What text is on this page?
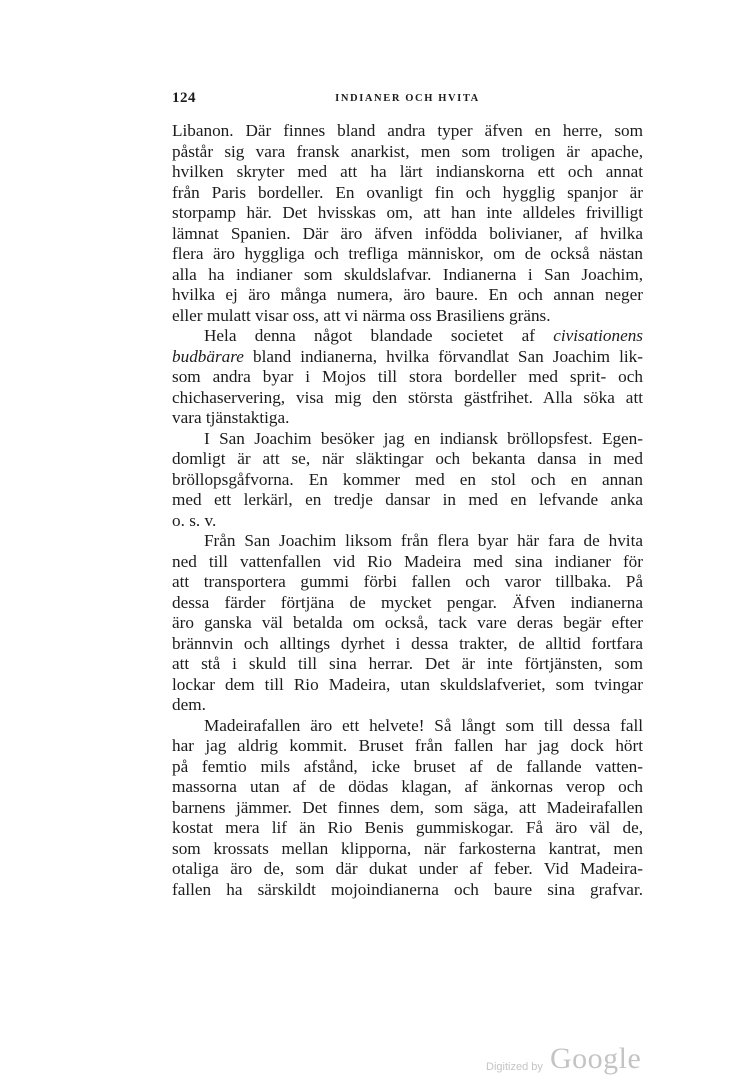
124	INDIANER OCH HVITA
Libanon. Där finnes bland andra typer äfven en herre, som
påstår sig vara fransk anarkist, men som troligen är apache,
hvilken skryter med att ha lärt indianskorna ett och annat
från Paris bordeller. En ovanligt fin och hygglig spanjor är
storpamp här. Det hvisskas om, att han inte alldeles frivilligt
lämnat Spanien. Där äro äfven infödda bolivianer, af hvilka
flera äro hyggliga och trefliga människor, om de också nästan
alla ha indianer som skuldslafvar. Indianerna i San Joachim,
hvilka ej äro många numera, äro baure. En och annan neger
eller mulatt visar oss, att vi närma oss Brasiliens gräns.
Hela denna något blandade societet af civisationens
budbärare bland indianerna, hvilka förvandlat San Joachim lik-
som andra byar i Mojos till stora bordeller med sprit- och
chichaservering, visa mig den största gästfrihet. Alla söka att
vara tjänstaktiga.
I San Joachim besöker jag en indiansk bröllopsfest. Egen-
domligt är att se, när släktingar och bekanta dansa in med
bröllopsgåfvorna. En kommer med en stol och en annan
med ett lerkärl, en tredje dansar in med en lefvande anka
o. s. v.
Från San Joachim liksom från flera byar här fara de hvita
ned till vattenfallen vid Rio Madeira med sina indianer för
att transportera gummi förbi fallen och varor tillbaka. På
dessa färder förtjäna de mycket pengar. Äfven indianerna
äro ganska väl betalda om också, tack vare deras begär efter
brännvin och alltings dyrhet i dessa trakter, de alltid fortfara
att stå i skuld till sina herrar. Det är inte förtjänsten, som
lockar dem till Rio Madeira, utan skuldslafveriet, som tvingar
dem.
Madeirafallen äro ett helvete! Så långt som till dessa fall
har jag aldrig kommit. Bruset från fallen har jag dock hört
på femtio mils afstånd, icke bruset af de fallande vatten-
massorna utan af de dödas klagan, af änkornas verop och
barnens jämmer. Det finnes dem, som säga, att Madeirafallen
kostat mera lif än Rio Benis gummiskogar. Få äro väl de,
som krossats mellan klipporna, när farkosterna kantrat, men
otaliga äro de, som där dukat under af feber. Vid Madeira-
fallen ha särskildt mojoindianerna och baure sina grafvar.
Digitized by Google
